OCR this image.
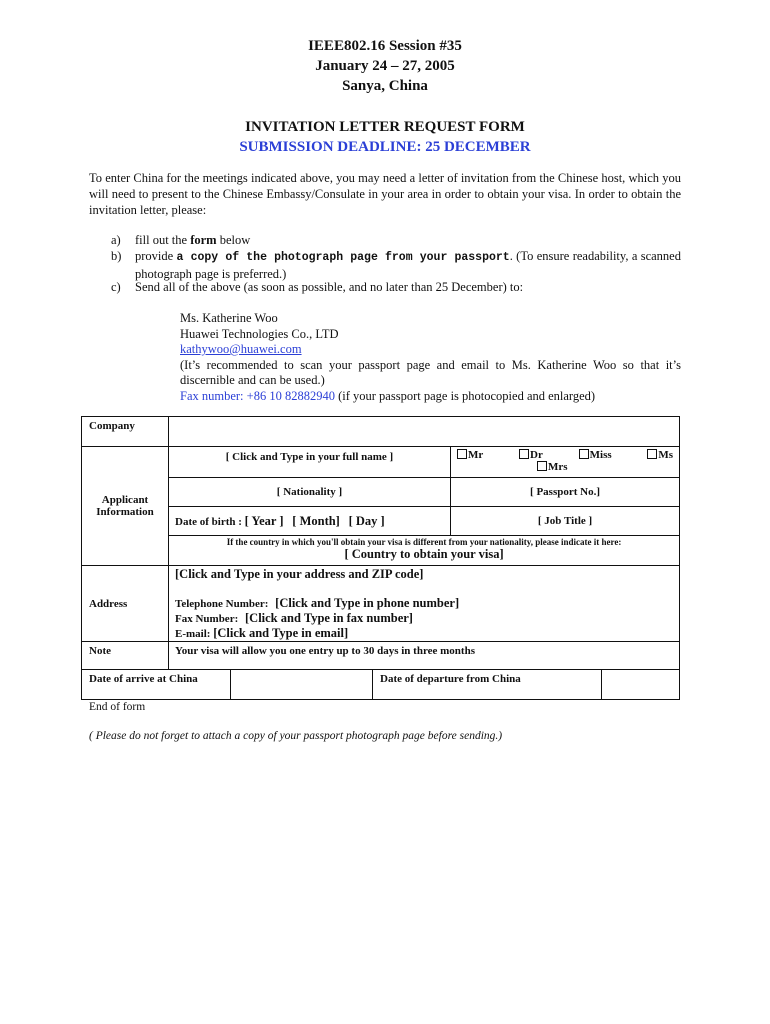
IEEE802.16 Session #35
January 24 – 27, 2005
Sanya, China
INVITATION LETTER REQUEST FORM
SUBMISSION DEADLINE: 25 DECEMBER
To enter China for the meetings indicated above, you may need a letter of invitation from the Chinese host, which you will need to present to the Chinese Embassy/Consulate in your area in order to obtain your visa. In order to obtain the invitation letter, please:
a) fill out the form below
b) provide a copy of the photograph page from your passport. (To ensure readability, a scanned photograph page is preferred.)
c) Send all of the above (as soon as possible, and no later than 25 December) to:
Ms. Katherine Woo
Huawei Technologies Co., LTD
kathywoo@huawei.com
(It’s recommended to scan your passport page and email to Ms. Katherine Woo so that it’s discernible and can be used.)
Fax number: +86 10 82882940 (if your passport page is photocopied and enlarged)
Company					
Applicant Information	[ Click and Type in your full name ]			Mr Dr Miss Ms
Mrs	

	[ Nationality ]			[ Passport No.]	
	Date of birth : [ Year ] [ Month] [ Day ]			[ Job Title ]	

	If the country in which you'll obtain your visa is different from your nationality, please indicate it here:
[ Country to obtain your visa]				

Address	[Click and Type in your address and ZIP code]
Telephone Number: [Click and Type in phone number]
Fax Number: [Click and Type in fax number]
E-mail: [Click and Type in email]				

Note	Your visa will allow you one entry up to 30 days in three months				
Date of arrive at China			Date of departure from China		

End of form
( Please do not forget to attach a copy of your passport photograph page before sending.)
